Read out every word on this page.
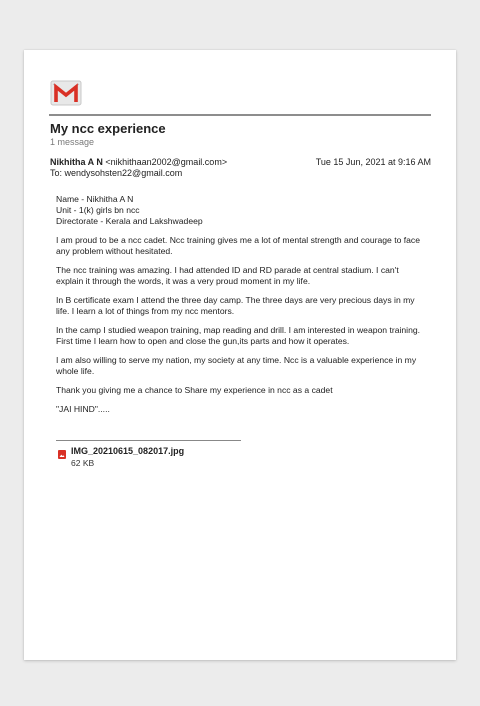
My ncc experience
1 message
Nikhitha A N <nikhithaan2002@gmail.com>	Tue 15 Jun, 2021 at 9:16 AM
To: wendysohsten22@gmail.com

Name - Nikhitha A N

Unit - 1(k) girls bn ncc

Directorate - Kerala and Lakshwadeep

I am proud to be a ncc cadet. Ncc training gives me a lot of mental strength and courage to face any problem without hesitated.

The ncc training was amazing. I had attended ID and RD parade at central stadium. I can't explain it through the words, it was a very proud moment in my life.

In B certificate exam I attend the three day camp. The three days are very precious days in my life. I learn a lot of things from my ncc mentors.

In the camp I studied weapon training, map reading and drill. I am interested in weapon training. First time I learn how to open and close the gun,its parts and how it operates.

I am also willing to serve my nation, my society at any time. Ncc is a valuable experience in my whole life.

Thank you giving me a chance to Share my experience in ncc as a cadet

"JAI HIND".....

IMG_20210615_082017.jpg
62 KB
